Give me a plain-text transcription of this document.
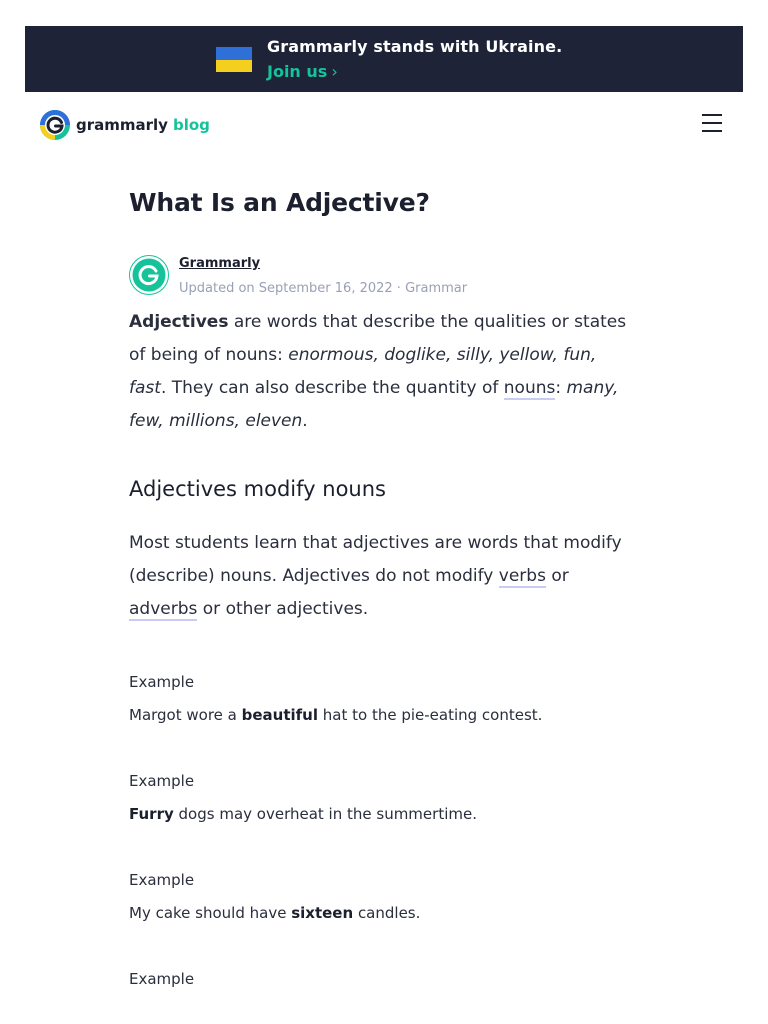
Grammarly stands with Ukraine.
Join us ›
grammarly blog
What Is an Adjective?
Grammarly
Updated on September 16, 2022 · Grammar

Adjectives are words that describe the qualities or states of being of nouns: enormous, doglike, silly, yellow, fun, fast. They can also describe the quantity of nouns: many, few, millions, eleven.

Adjectives modify nouns

Most students learn that adjectives are words that modify (describe) nouns. Adjectives do not modify verbs or adverbs or other adjectives.

Example
Margot wore a beautiful hat to the pie-eating contest.
Example
Furry dogs may overheat in the summertime.
Example
My cake should have sixteen candles.
Example
